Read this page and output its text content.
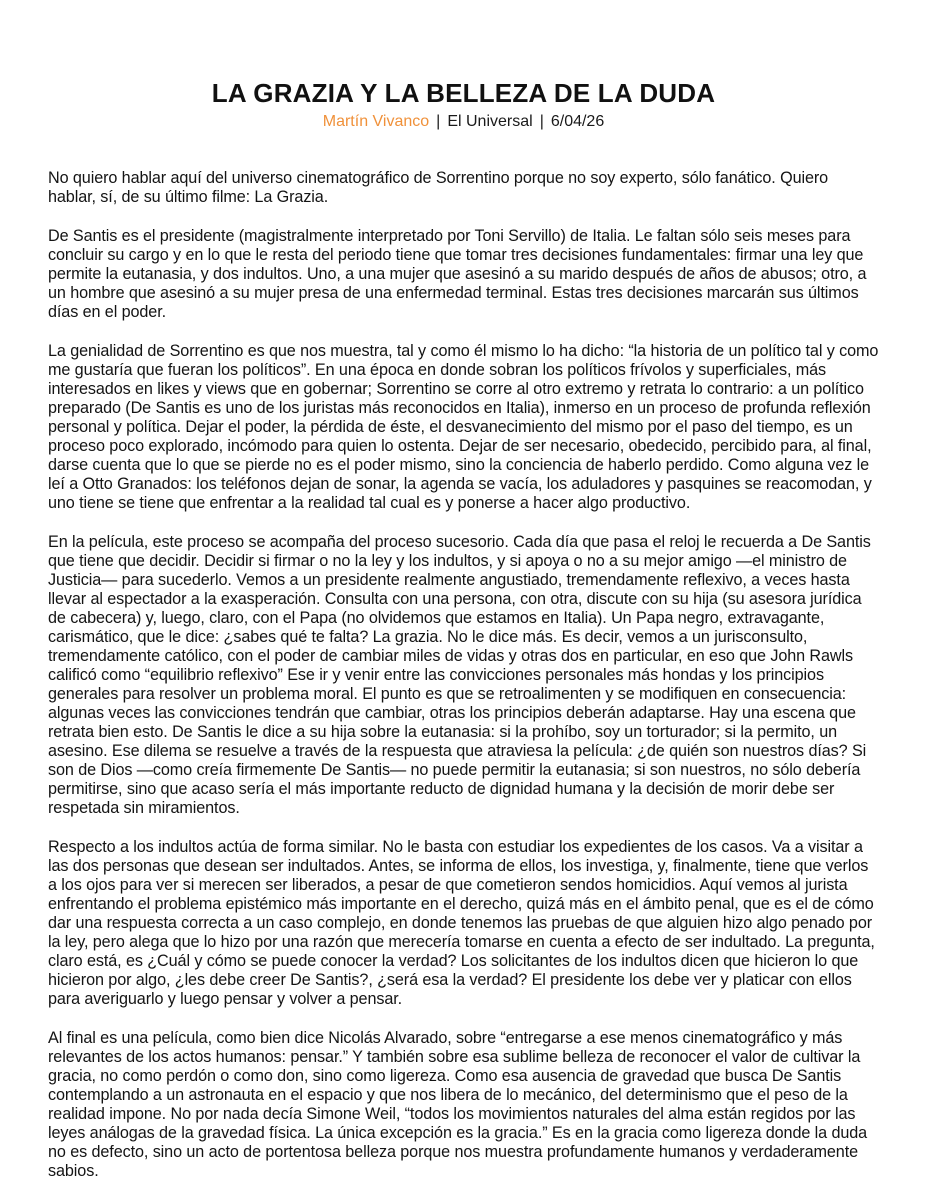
LA GRAZIA Y LA BELLEZA DE LA DUDA
Martín Vivanco | El Universal | 6/04/26

No quiero hablar aquí del universo cinematográfico de Sorrentino porque no soy experto, sólo fanático. Quiero hablar, sí, de su último filme: La Grazia.

De Santis es el presidente (magistralmente interpretado por Toni Servillo) de Italia. Le faltan sólo seis meses para concluir su cargo y en lo que le resta del periodo tiene que tomar tres decisiones fundamentales: firmar una ley que permite la eutanasia, y dos indultos. Uno, a una mujer que asesinó a su marido después de años de abusos; otro, a un hombre que asesinó a su mujer presa de una enfermedad terminal. Estas tres decisiones marcarán sus últimos días en el poder.

La genialidad de Sorrentino es que nos muestra, tal y como él mismo lo ha dicho: “la historia de un político tal y como me gustaría que fueran los políticos”. En una época en donde sobran los políticos frívolos y superficiales, más interesados en likes y views que en gobernar; Sorrentino se corre al otro extremo y retrata lo contrario: a un político preparado (De Santis es uno de los juristas más reconocidos en Italia), inmerso en un proceso de profunda reflexión personal y política. Dejar el poder, la pérdida de éste, el desvanecimiento del mismo por el paso del tiempo, es un proceso poco explorado, incómodo para quien lo ostenta. Dejar de ser necesario, obedecido, percibido para, al final, darse cuenta que lo que se pierde no es el poder mismo, sino la conciencia de haberlo perdido. Como alguna vez le leí a Otto Granados: los teléfonos dejan de sonar, la agenda se vacía, los aduladores y pasquines se reacomodan, y uno tiene se tiene que enfrentar a la realidad tal cual es y ponerse a hacer algo productivo.

En la película, este proceso se acompaña del proceso sucesorio. Cada día que pasa el reloj le recuerda a De Santis que tiene que decidir. Decidir si firmar o no la ley y los indultos, y si apoya o no a su mejor amigo —el ministro de Justicia— para sucederlo. Vemos a un presidente realmente angustiado, tremendamente reflexivo, a veces hasta llevar al espectador a la exasperación. Consulta con una persona, con otra, discute con su hija (su asesora jurídica de cabecera) y, luego, claro, con el Papa (no olvidemos que estamos en Italia). Un Papa negro, extravagante, carismático, que le dice: ¿sabes qué te falta? La grazia. No le dice más. Es decir, vemos a un jurisconsulto, tremendamente católico, con el poder de cambiar miles de vidas y otras dos en particular, en eso que John Rawls calificó como “equilibrio reflexivo” Ese ir y venir entre las convicciones personales más hondas y los principios generales para resolver un problema moral. El punto es que se retroalimenten y se modifiquen en consecuencia: algunas veces las convicciones tendrán que cambiar, otras los principios deberán adaptarse. Hay una escena que retrata bien esto. De Santis le dice a su hija sobre la eutanasia: si la prohíbo, soy un torturador; si la permito, un asesino. Ese dilema se resuelve a través de la respuesta que atraviesa la película: ¿de quién son nuestros días? Si son de Dios —como creía firmemente De Santis— no puede permitir la eutanasia; si son nuestros, no sólo debería permitirse, sino que acaso sería el más importante reducto de dignidad humana y la decisión de morir debe ser respetada sin miramientos.

Respecto a los indultos actúa de forma similar. No le basta con estudiar los expedientes de los casos. Va a visitar a las dos personas que desean ser indultados. Antes, se informa de ellos, los investiga, y, finalmente, tiene que verlos a los ojos para ver si merecen ser liberados, a pesar de que cometieron sendos homicidios. Aquí vemos al jurista enfrentando el problema epistémico más importante en el derecho, quizá más en el ámbito penal, que es el de cómo dar una respuesta correcta a un caso complejo, en donde tenemos las pruebas de que alguien hizo algo penado por la ley, pero alega que lo hizo por una razón que merecería tomarse en cuenta a efecto de ser indultado. La pregunta, claro está, es ¿Cuál y cómo se puede conocer la verdad? Los solicitantes de los indultos dicen que hicieron lo que hicieron por algo, ¿les debe creer De Santis?, ¿será esa la verdad? El presidente los debe ver y platicar con ellos para averiguarlo y luego pensar y volver a pensar.

Al final es una película, como bien dice Nicolás Alvarado, sobre “entregarse a ese menos cinematográfico y más relevantes de los actos humanos: pensar.” Y también sobre esa sublime belleza de reconocer el valor de cultivar la gracia, no como perdón o como don, sino como ligereza. Como esa ausencia de gravedad que busca De Santis contemplando a un astronauta en el espacio y que nos libera de lo mecánico, del determinismo que el peso de la realidad impone. No por nada decía Simone Weil, “todos los movimientos naturales del alma están regidos por las leyes análogas de la gravedad física. La única excepción es la gracia.” Es en la gracia como ligereza donde la duda no es defecto, sino un acto de portentosa belleza porque nos muestra profundamente humanos y verdaderamente sabios.
